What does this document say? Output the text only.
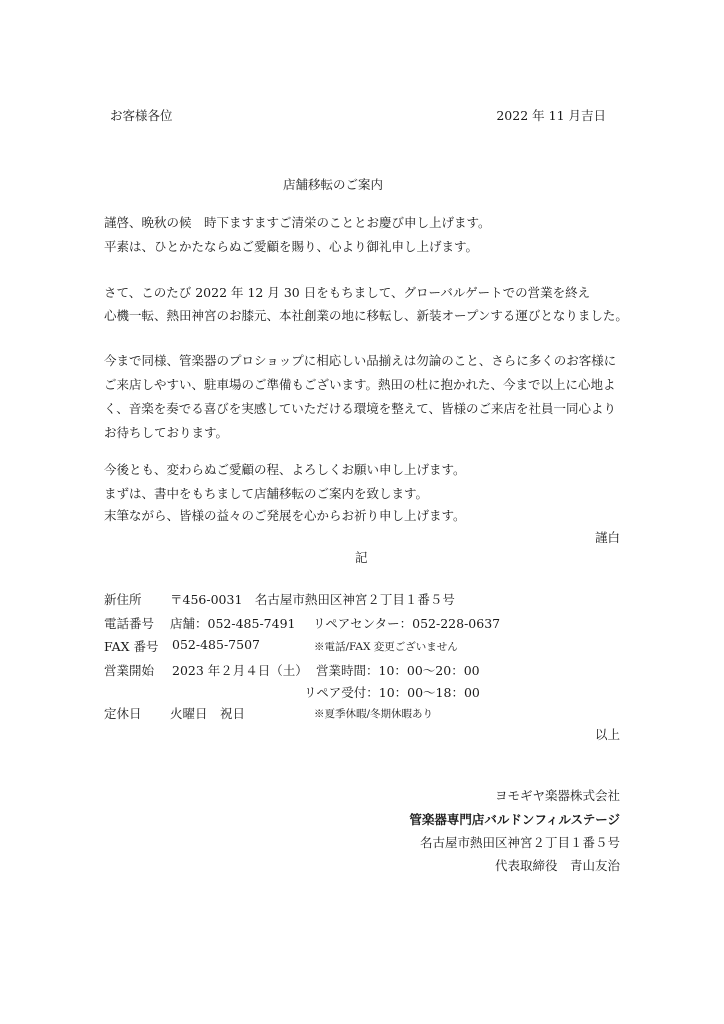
お客様各位	2022 年 11 月吉日
店舗移転のご案内
謹啓、晩秋の候　時下ますますご清栄のこととお慶び申し上げます。
平素は、ひとかたならぬご愛顧を賜り、心より御礼申し上げます。
さて、このたび 2022 年 12 月 30 日をもちまして、グローバルゲートでの営業を終え
心機一転、熱田神宮のお膝元、本社創業の地に移転し、新装オープンする運びとなりました。
今まで同様、管楽器のプロショップに相応しい品揃えは勿論のこと、さらに多くのお客様に
ご来店しやすい、駐車場のご準備もございます。熱田の杜に抱かれた、今まで以上に心地よ
く、音楽を奏でる喜びを実感していただける環境を整えて、皆様のご来店を社員一同心より
お待ちしております。
今後とも、変わらぬご愛顧の程、よろしくお願い申し上げます。
まずは、書中をもちまして店舗移転のご案内を致します。
末筆ながら、皆様の益々のご発展を心からお祈り申し上げます。
謹白
記
新住所 〒456-0031　名古屋市熱田区神宮２丁目１番５号
電話番号 店舗：052-485-7491 リペアセンター：052-228-0637
FAX 番号 052-485-7507	※電話/FAX 変更ございません
営業開始 2023 年２月４日（土） 営業時間：10：00～20：00
リペア受付：10：00～18：00
定休日 火曜日　祝日	※夏季休暇/冬期休暇あり
以上
ヨモギヤ楽器株式会社
管楽器専門店バルドンフィルステージ
名古屋市熱田区神宮２丁目１番５号
代表取締役　青山友治
